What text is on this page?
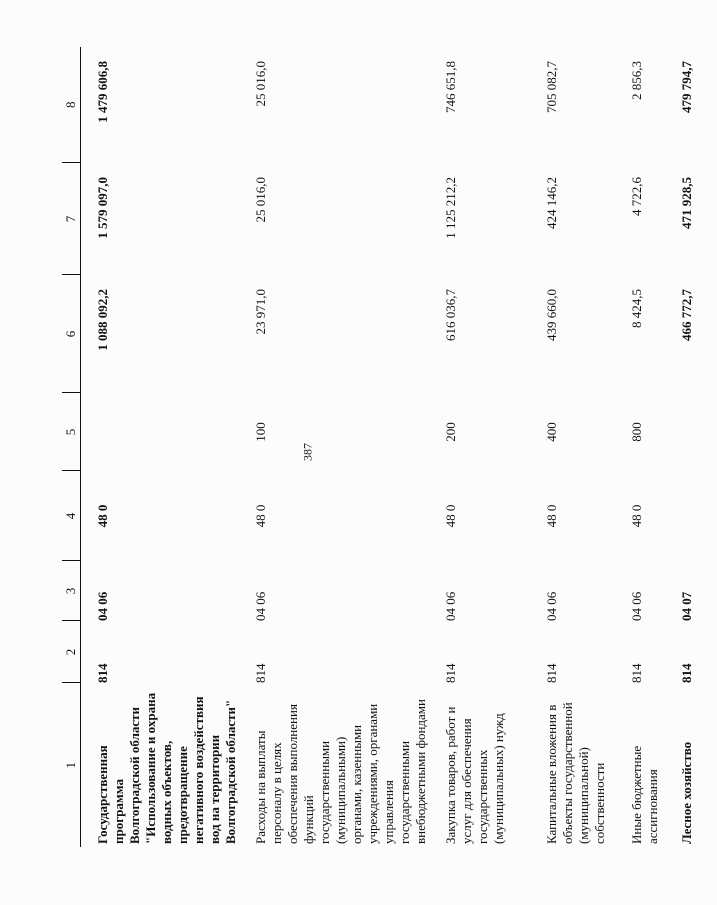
387
1	2	3	4	5	6	7	8
Государственная программа Волгоградской области "Использование и охрана водных объектов, предотвращение негативного воздействия вод на территории Волгоградской области"	814	04 06	48 0		1 088 092,2	1 579 097,0	1 479 606,8
Расходы на выплаты персоналу в целях обеспечения выполнения функций государственными (муниципальными) органами, казенными учреждениями, органами управления государственными внебюджетными фондами	814	04 06	48 0	100	23 971,0	25 016,0	25 016,0
Закупка товаров, работ и услуг для обеспечения государственных (муниципальных) нужд	814	04 06	48 0	200	616 036,7	1 125 212,2	746 651,8
Капитальные вложения в объекты государственной (муниципальной) собственности	814	04 06	48 0	400	439 660,0	424 146,2	705 082,7
Иные бюджетные ассигнования	814	04 06	48 0	800	8 424,5	4 722,6	2 856,3
Лесное хозяйство	814	04 07			466 772,7	471 928,5	479 794,7
